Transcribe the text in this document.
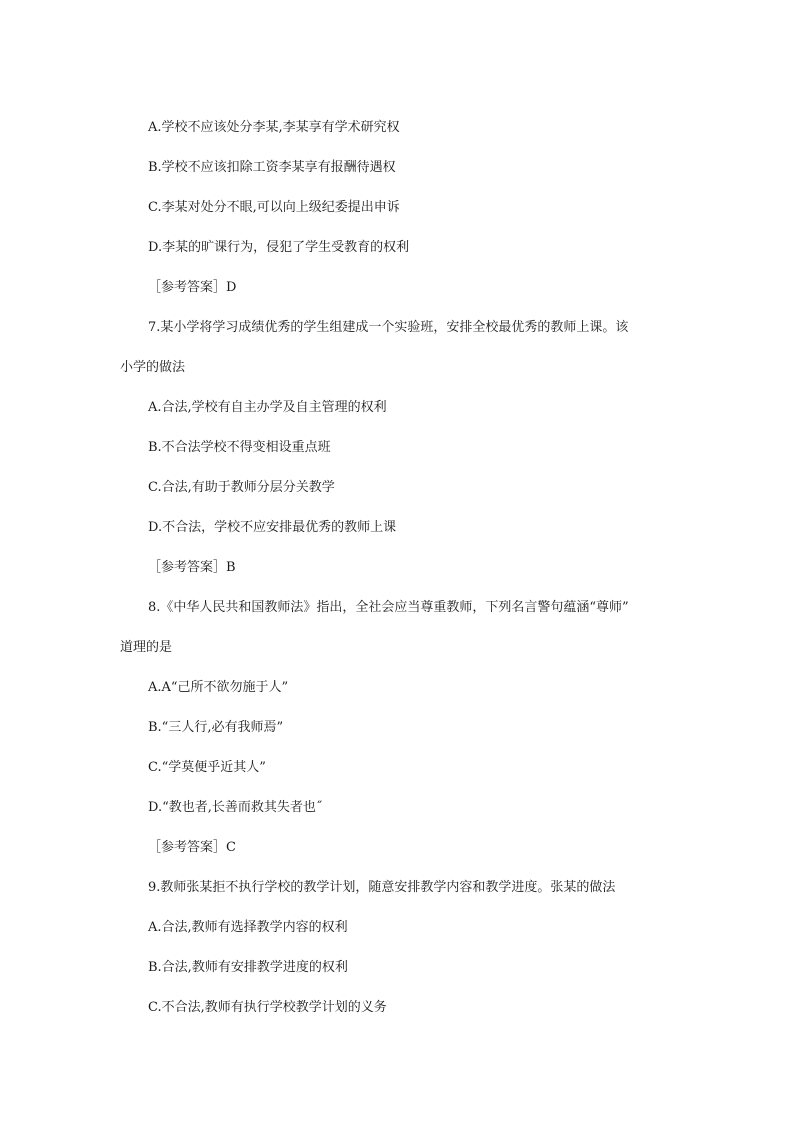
A.学校不应该处分李某,李某享有学术研究权
B.学校不应该扣除工资李某享有报酬待遇权
C.李某对处分不眼,可以向上级纪委提出申诉
D.李某的旷课行为，侵犯了学生受教育的权利
［参考答案］D
7.某小学将学习成绩优秀的学生组建成一个实验班，安排全校最优秀的教师上课。该
小学的做法
A.合法,学校有自主办学及自主管理的权利
B.不合法学校不得变相设重点班
C.合法,有助于教师分层分关教学
D.不合法，学校不应安排最优秀的教师上课
［参考答案］B
8.《中华人民共和国教师法》指出，全社会应当尊重教师，下列名言警句蕴涵“尊师”
道理的是
A.A“己所不欲勿施于人”
B.“三人行,必有我师焉”
C.“学莫便乎近其人”
D.“教也者,长善而救其失者也˝
［参考答案］C
9.教师张某拒不执行学校的教学计划，随意安排教学内容和教学进度。张某的做法
A.合法,教师有选择教学内容的权利
B.合法,教师有安排教学进度的权利
C.不合法,教师有执行学校教学计划的义务
